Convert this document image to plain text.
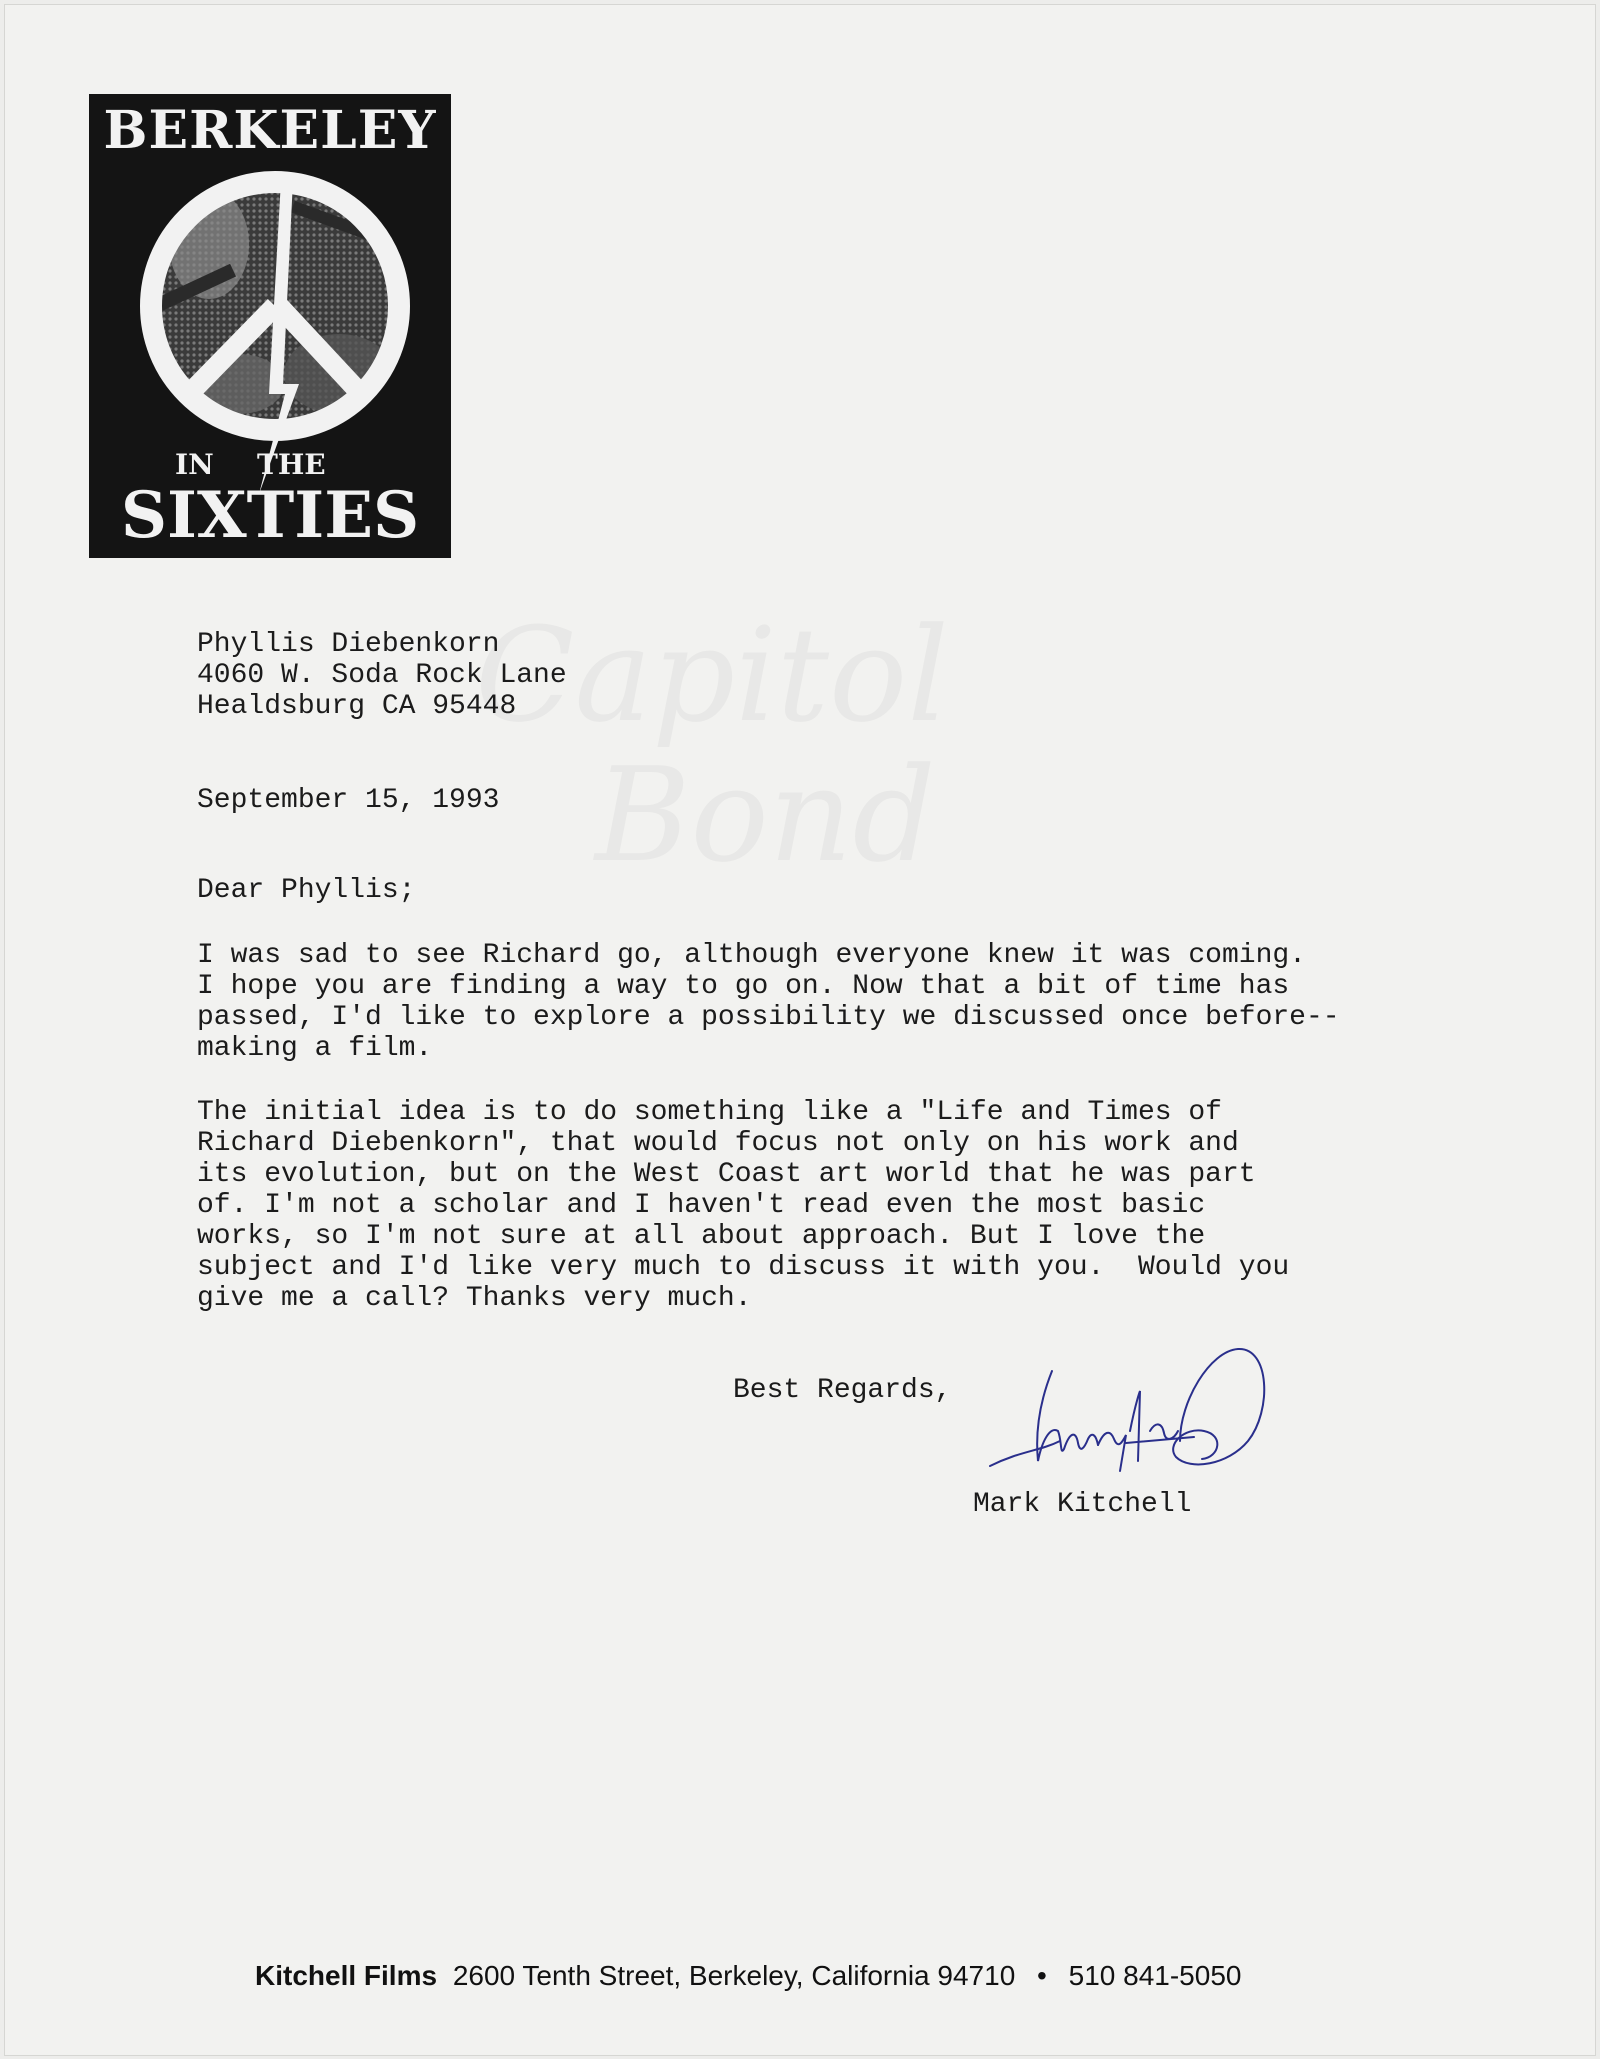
BERKELEY
IN THE
SIXTIES
Capitol
Bond
Phyllis Diebenkorn
4060 W. Soda Rock Lane
Healdsburg CA 95448
September 15, 1993
Dear Phyllis;
I was sad to see Richard go, although everyone knew it was coming.
I hope you are finding a way to go on. Now that a bit of time has
passed, I'd like to explore a possibility we discussed once before--
making a film.
The initial idea is to do something like a "Life and Times of
Richard Diebenkorn", that would focus not only on his work and
its evolution, but on the West Coast art world that he was part
of. I'm not a scholar and I haven't read even the most basic
works, so I'm not sure at all about approach. But I love the
subject and I'd like very much to discuss it with you.  Would you
give me a call? Thanks very much.
Best Regards,
Mark Kitchell
Kitchell Films 2600 Tenth Street, Berkeley, California 94710 • 510 841-5050
